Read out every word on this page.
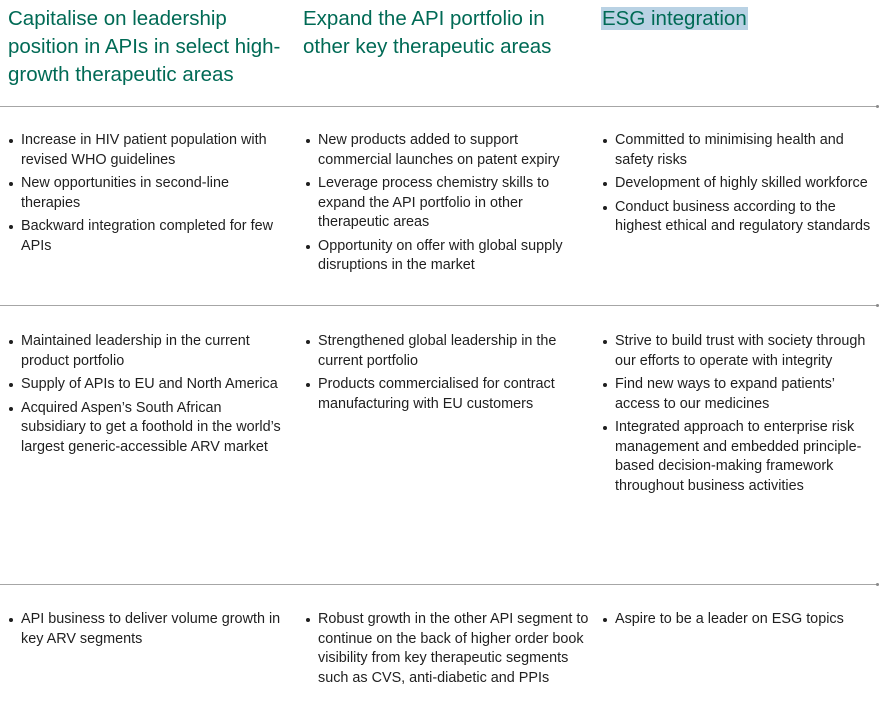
Capitalise on leadership position in APIs in select high-growth therapeutic areas
Expand the API portfolio in other key therapeutic areas
ESG integration
Increase in HIV patient population with revised WHO guidelines
New opportunities in second-line therapies
Backward integration completed for few APIs
New products added to support commercial launches on patent expiry
Leverage process chemistry skills to expand the API portfolio in other therapeutic areas
Opportunity on offer with global supply disruptions in the market
Committed to minimising health and safety risks
Development of highly skilled workforce
Conduct business according to the highest ethical and regulatory standards
Maintained leadership in the current product portfolio
Supply of APIs to EU and North America
Acquired Aspen’s South African subsidiary to get a foothold in the world’s largest generic-accessible ARV market
Strengthened global leadership in the current portfolio
Products commercialised for contract manufacturing with EU customers
Strive to build trust with society through our efforts to operate with integrity
Find new ways to expand patients’ access to our medicines
Integrated approach to enterprise risk management and embedded principle-based decision-making framework throughout business activities
API business to deliver volume growth in key ARV segments
Robust growth in the other API segment to continue on the back of higher order book visibility from key therapeutic segments such as CVS, anti-diabetic and PPIs
Aspire to be a leader on ESG topics
